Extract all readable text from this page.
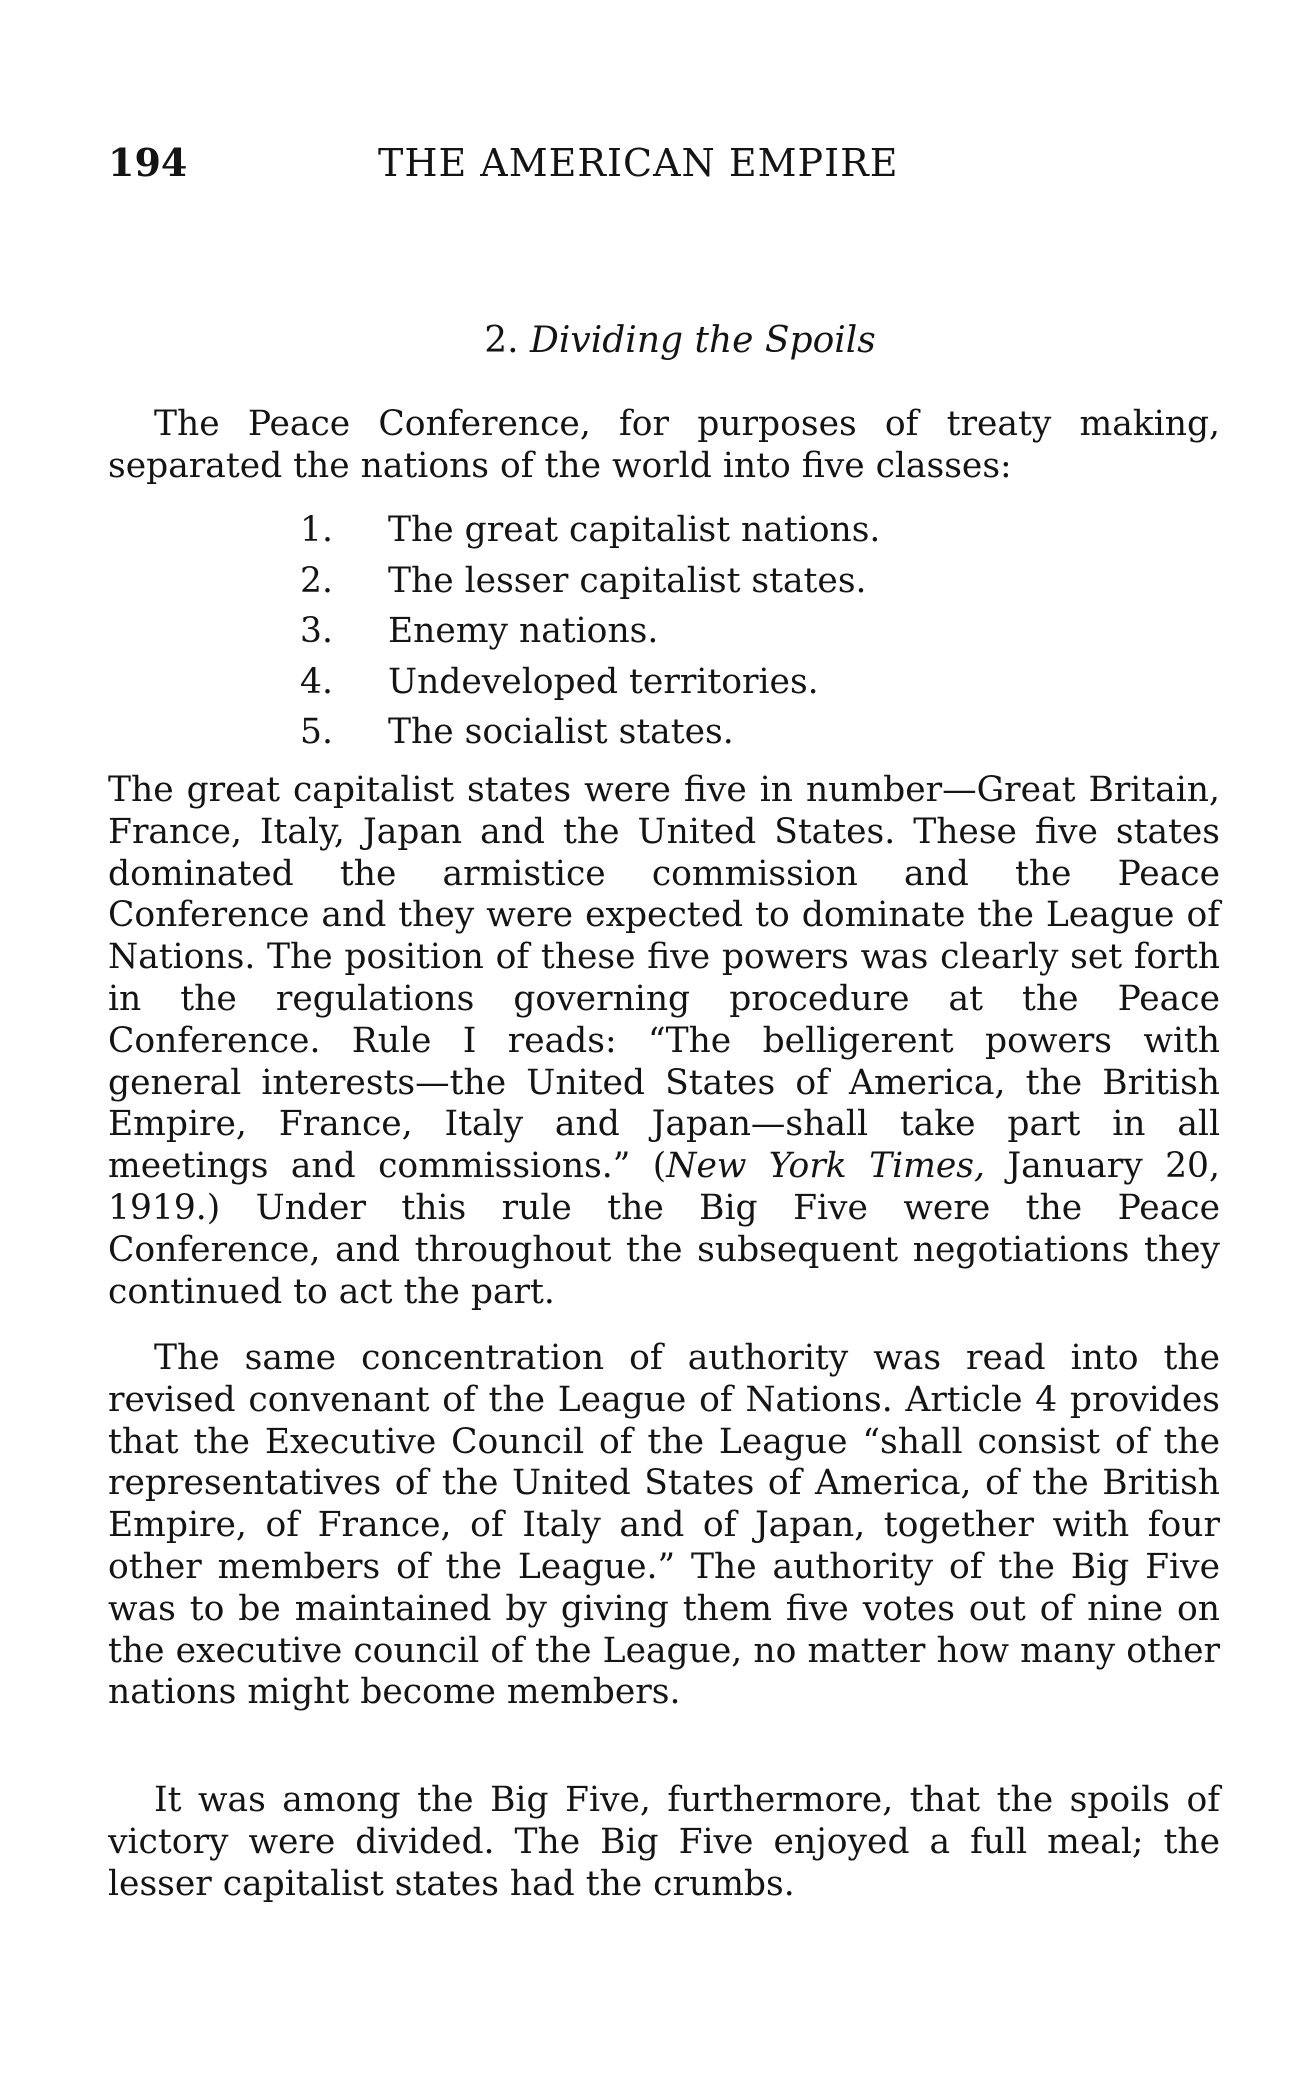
194	THE AMERICAN EMPIRE
2. Dividing the Spoils

The Peace Conference, for purposes of treaty making, separated the nations of the world into five classes:

1.	The great capitalist nations.
2.	The lesser capitalist states.
3.	Enemy nations.
4.	Undeveloped territories.
5.	The socialist states.

The great capitalist states were five in number—Great Britain, France, Italy, Japan and the United States. These five states dominated the armistice commission and the Peace Conference and they were expected to dominate the League of Nations. The position of these five powers was clearly set forth in the regulations governing procedure at the Peace Conference. Rule I reads: “The belligerent powers with general interests—the United States of America, the British Empire, France, Italy and Japan—shall take part in all meetings and commissions.” (New York Times, January 20, 1919.) Under this rule the Big Five were the Peace Conference, and throughout the subsequent negotiations they continued to act the part.

The same concentration of authority was read into the revised convenant of the League of Nations. Article 4 provides that the Executive Council of the League “shall consist of the representatives of the United States of America, of the British Empire, of France, of Italy and of Japan, together with four other members of the League.” The authority of the Big Five was to be maintained by giving them five votes out of nine on the executive council of the League, no matter how many other nations might become members.

It was among the Big Five, furthermore, that the spoils of victory were divided. The Big Five enjoyed a full meal; the lesser capitalist states had the crumbs.
